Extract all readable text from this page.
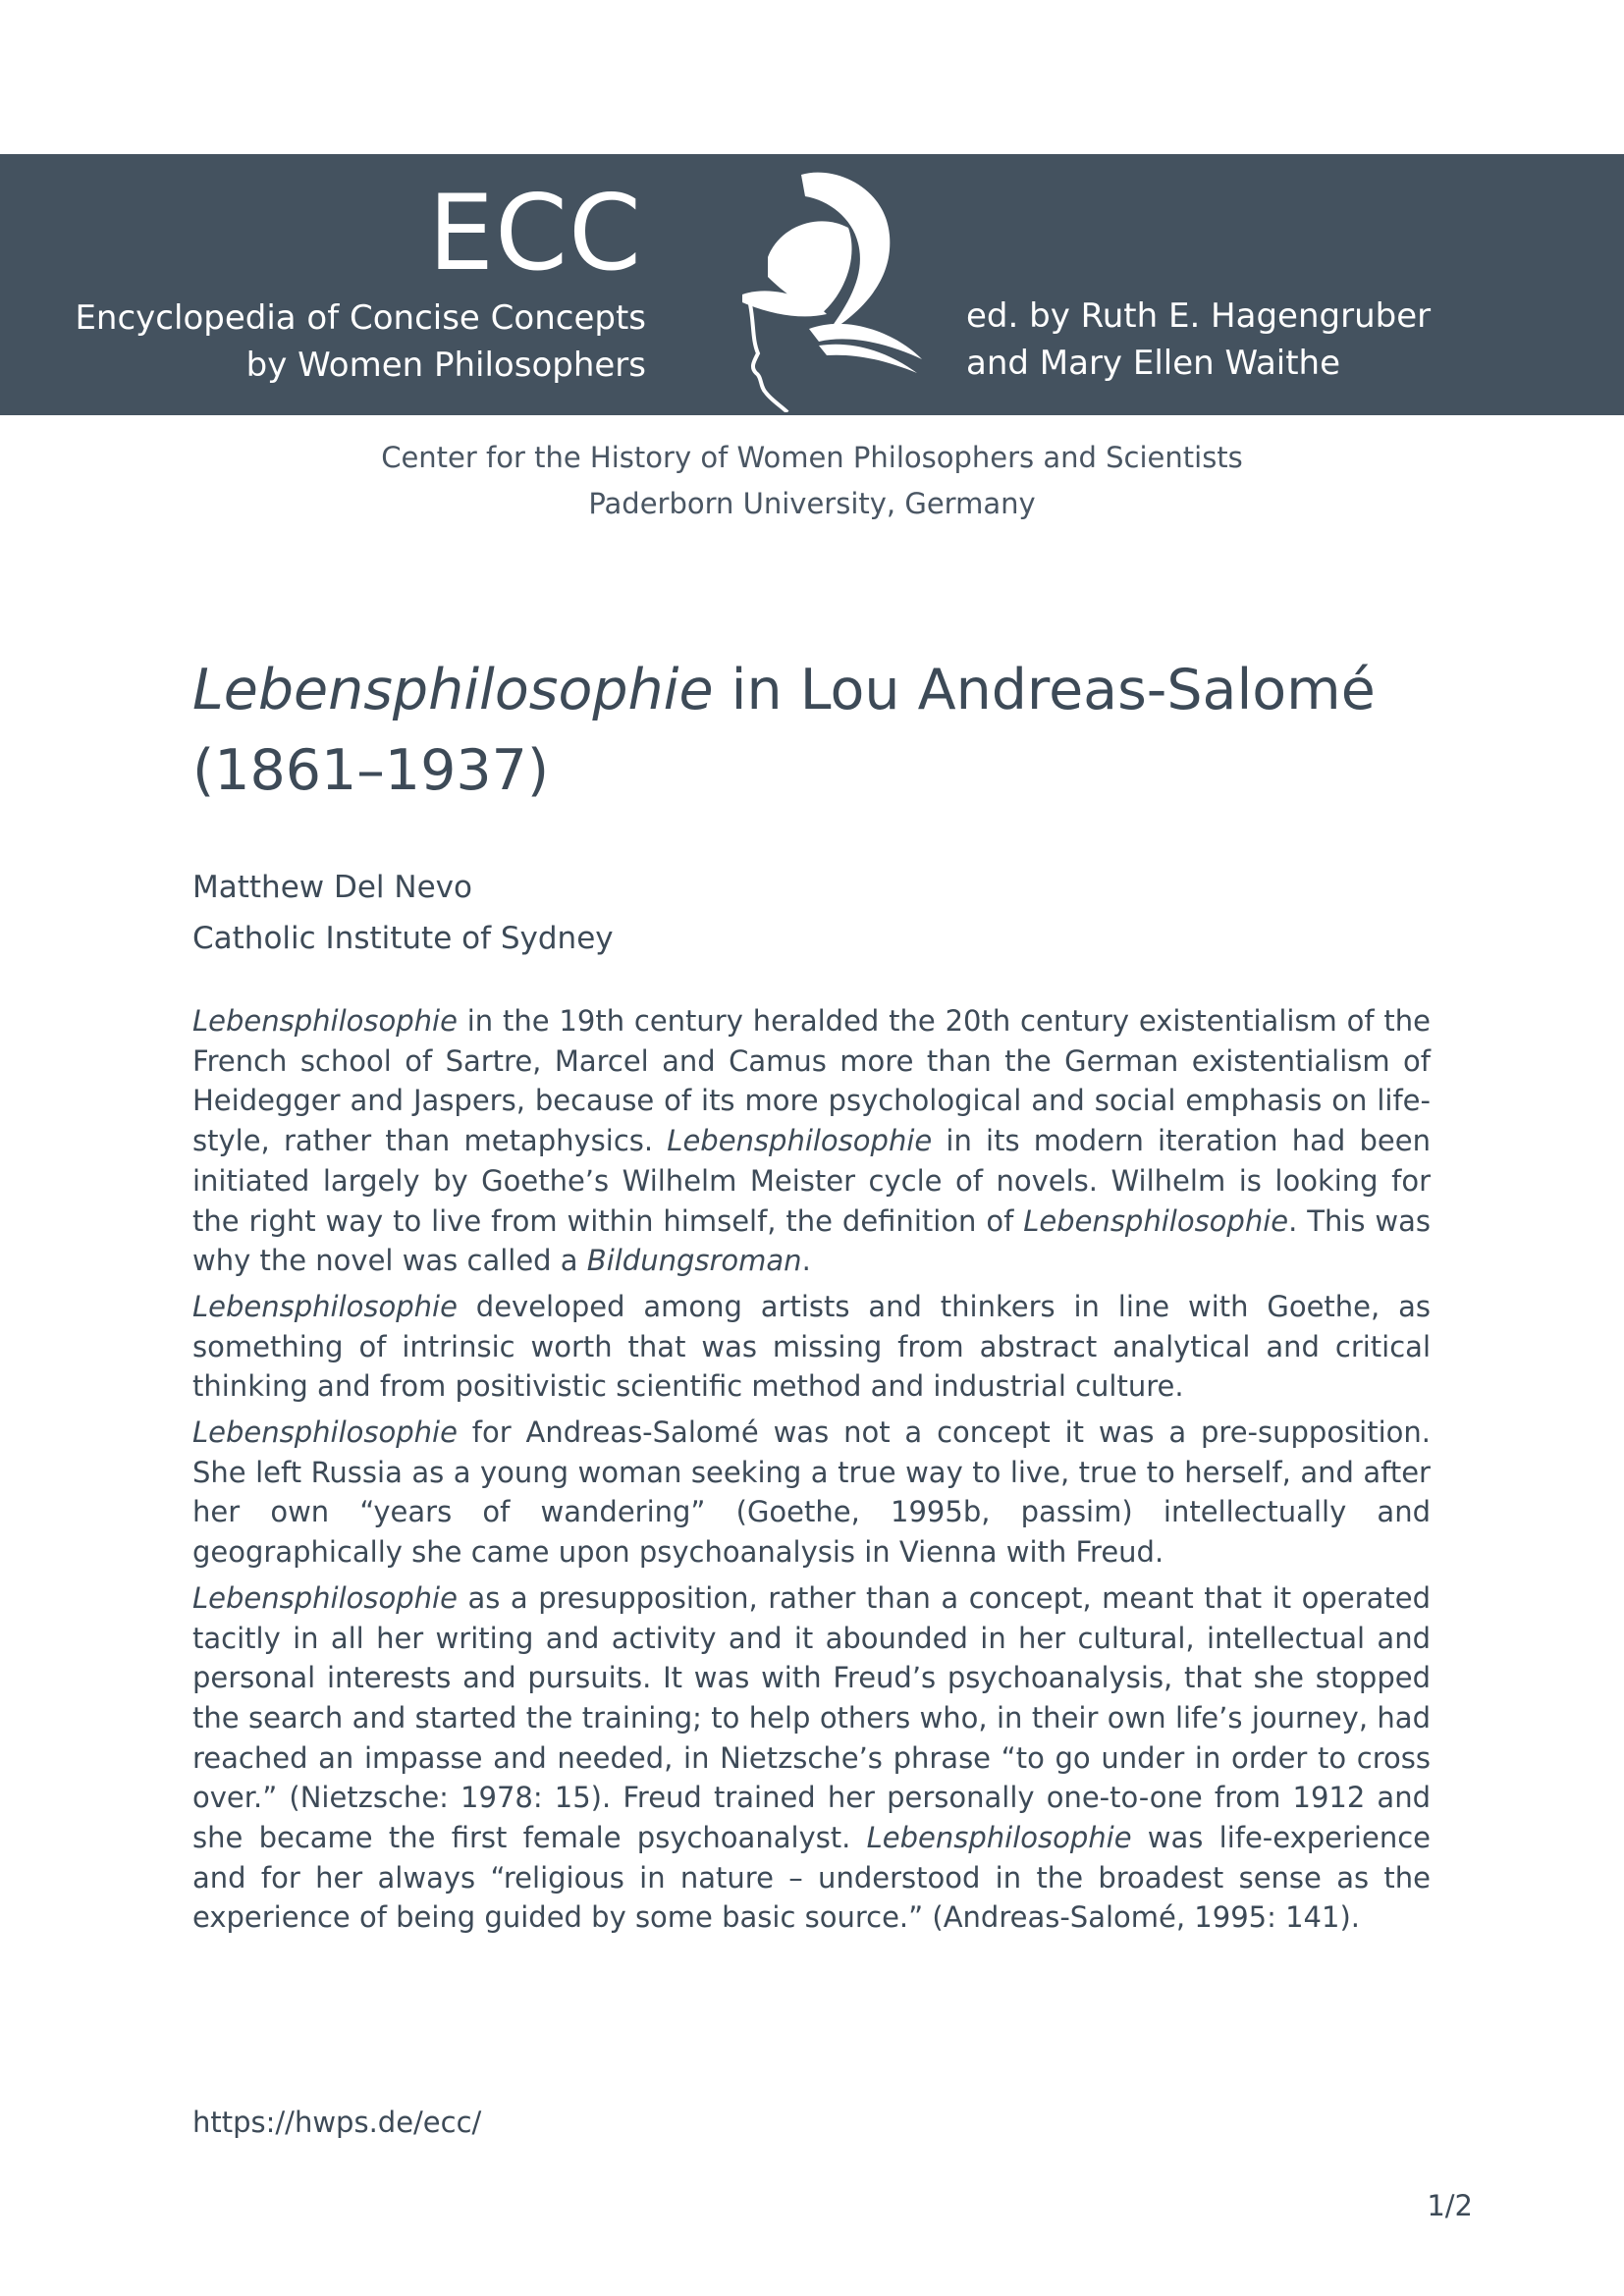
ECC
Encyclopedia of Concise Concepts
by Women Philosophers
ed. by Ruth E. Hagengruber
and Mary Ellen Waithe
Center for the History of Women Philosophers and Scientists
Paderborn University, Germany
Lebensphilosophie in Lou Andreas-Salomé (1861–1937)
Matthew Del Nevo
Catholic Institute of Sydney

Lebensphilosophie in the 19th century heralded the 20th century existentialism of the French school of Sartre, Marcel and Camus more than the German existentialism of Heidegger and Jaspers, because of its more psychological and social emphasis on life-style, rather than metaphysics. Lebensphilosophie in its modern iteration had been initiated largely by Goethe’s Wilhelm Meister cycle of novels. Wilhelm is looking for the right way to live from within himself, the definition of Lebensphilosophie. This was why the novel was called a Bildungsroman.

Lebensphilosophie developed among artists and thinkers in line with Goethe, as something of intrinsic worth that was missing from abstract analytical and critical thinking and from positivistic scientific method and industrial culture.

Lebensphilosophie for Andreas-Salomé was not a concept it was a pre-supposition. She left Russia as a young woman seeking a true way to live, true to herself, and after her own “years of wandering” (Goethe, 1995b, passim) intellectually and geographically she came upon psychoanalysis in Vienna with Freud.

Lebensphilosophie as a presupposition, rather than a concept, meant that it operated tacitly in all her writing and activity and it abounded in her cultural, intellectual and personal interests and pursuits. It was with Freud’s psychoanalysis, that she stopped the search and started the training; to help others who, in their own life’s journey, had reached an impasse and needed, in Nietzsche’s phrase “to go under in order to cross over.” (Nietzsche: 1978: 15). Freud trained her personally one-to-one from 1912 and she became the first female psychoanalyst. Lebensphilosophie was life-experience and for her always “religious in nature – understood in the broadest sense as the experience of being guided by some basic source.” (Andreas-Salomé, 1995: 141).

https://hwps.de/ecc/
1/2
